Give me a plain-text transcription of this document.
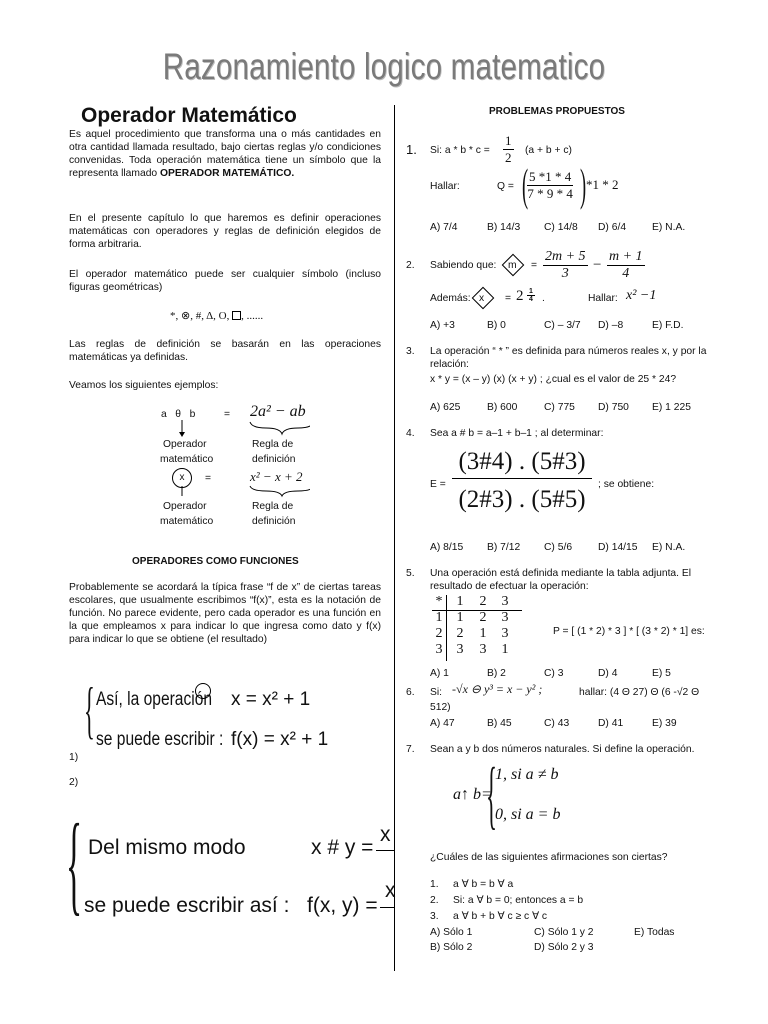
Razonamiento logico matematico
Operador Matemático
Es aquel procedimiento que transforma una o más cantidades en otra cantidad llamada resultado, bajo ciertas reglas y/o condiciones convenidas. Toda operación matemática tiene un símbolo que la representa llamado OPERADOR MATEMÁTICO.
En el presente capítulo lo que haremos es definir operaciones matemáticas con operadores y reglas de definición elegidos de forma arbitraria.
El operador matemático puede ser cualquier símbolo (incluso figuras geométricas)
*, ⊗, #, Δ, O, , ......
Las reglas de definición se basarán en las operaciones matemáticas ya definidas.
Veamos los siguientes ejemplos:
a   θ   b	= 2a² − ab
Operador
matemático
Regla de
definición
x	=	x² − x + 2
Operador
matemático
Regla de
definición
OPERADORES COMO FUNCIONES
Probablemente se acordará la típica frase “f de x” de ciertas tareas escolares, que usualmente escribimos “f(x)”, esta es la notación de función. No parece evidente, pero cada operador es una función en la que empleamos x para indicar lo que ingresa como dato y f(x) para indicar lo que se obtiene (el resultado)
{ Así, la operación x = x² + 1
se puede escribir : f(x) = x² + 1
1)
2)
{ Del mismo modo	x # y =
x
se puede escribir así : f(x, y) =
x
PROBLEMAS PROPUESTOS
1. Si: $a * b * c = \frac{1}{2} (a + b + c)$
Hallar:	Q = (
$\frac{5 *1 * 4}{7 * 9 * 4}$ ) *1 * 2
A) 7/4	B) 14/3 C) 14/8 D) 6/4	E) N.A.
2. Sabiendo que: $m = \frac{2m + 5}{3} - \frac{m + 1}{4}$
Además: $x = 2 \frac{1}{4}$ .	Hallar: x² −1
A) +3	B) 0	C) – 3/7 D) –8	E) F.D.
3. La operación “ * ” es definida para números reales x, y por la relación:
x * y = (x – y) (x) (x + y) ; ¿cual es el valor de 25 * 24?
A) 625	B) 600	C) 775 D) 750 E) 1 225
4. Sea a # b = a–1 + b–1 ; al determinar:
E =
(3#4) . (5#3)
(2#3) . (5#5)
; se obtiene:
A) 8/15 B) 7/12 C) 5/6	D) 14/15 E) N.A.
5. Una operación está definida mediante la tabla adjunta. El resultado de efectuar la operación:
*	1	2	3
1	1	2	3
2	2	1	3
3	3	3	1
P = [ (1 * 2) * 3 ] * [ (3 * 2) * 1] es:
A) 1	B) 2	C) 3	D) 4	E) 5
6. Si: -√x ⊖ y³ = x − y² ;	hallar: (4 Θ 27) Θ (6 -√2 Θ
512)
A) 47	B) 45	C) 43	D) 41	E) 39
7. Sean a y b dos números naturales. Si define la operación.
a↑ b=
{
1, si a ≠ b
0, si a = b
¿Cuáles de las siguientes afirmaciones son ciertas?
1. a ∀ b = b ∀ a
2. Si: a ∀ b = 0; entonces a = b
3. a ∀ b + b ∀ c ≥ c ∀ c
A) Sólo 1	C) Sólo 1 y 2	E) Todas
B) Sólo 2	D) Sólo 2 y 3
